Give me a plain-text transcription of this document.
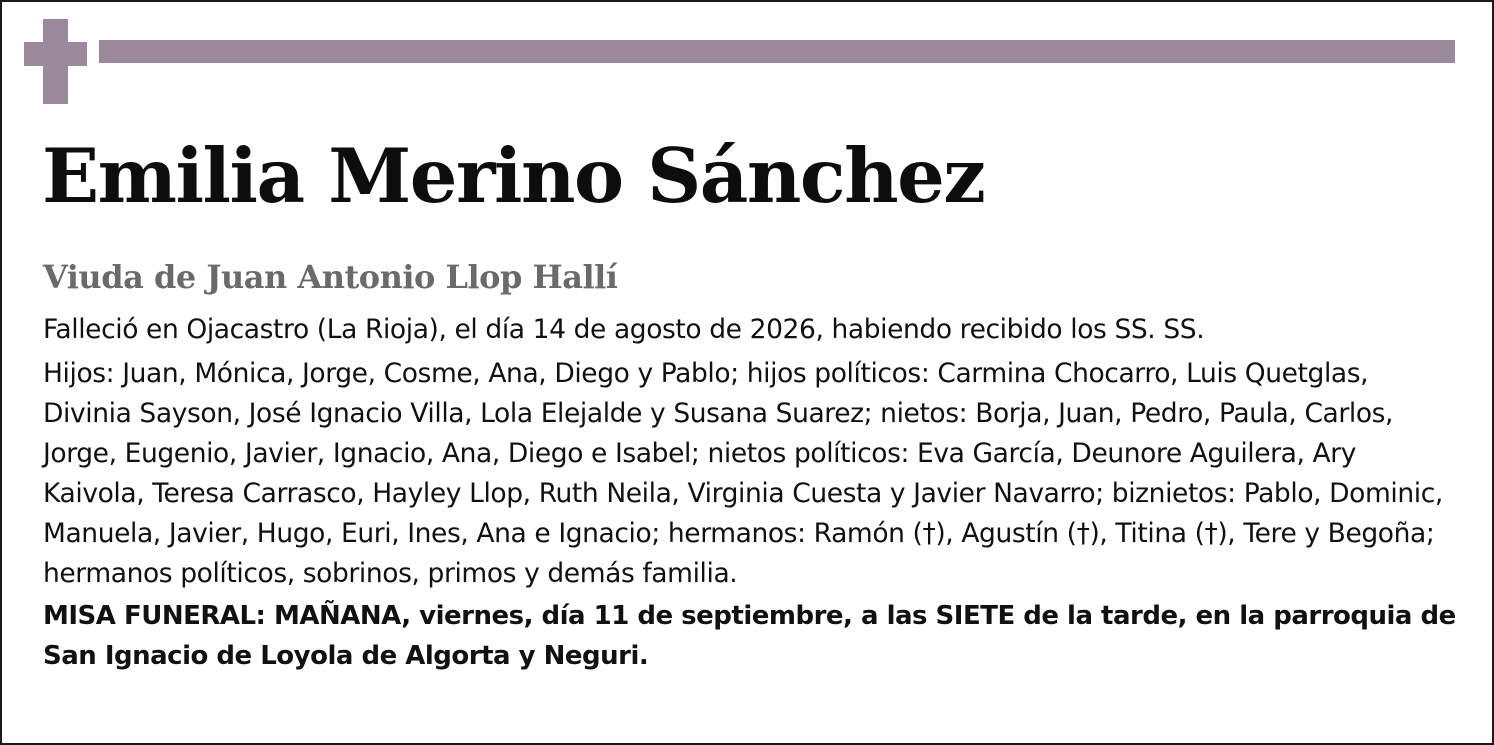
Emilia Merino Sánchez
Viuda de Juan Antonio Llop Hallí

Falleció en Ojacastro (La Rioja), el día 14 de agosto de 2026, habiendo recibido los SS. SS.

Hijos: Juan, Mónica, Jorge, Cosme, Ana, Diego y Pablo; hijos políticos: Carmina Chocarro, Luis Quetglas, Divinia Sayson, José Ignacio Villa, Lola Elejalde y Susana Suarez; nietos: Borja, Juan, Pedro, Paula, Carlos, Jorge, Eugenio, Javier, Ignacio, Ana, Diego e Isabel; nietos políticos: Eva García, Deunore Aguilera, Ary Kaivola, Teresa Carrasco, Hayley Llop, Ruth Neila, Virginia Cuesta y Javier Navarro; biznietos: Pablo, Dominic, Manuela, Javier, Hugo, Euri, Ines, Ana e Ignacio; hermanos: Ramón (†), Agustín (†), Titina (†), Tere y Begoña; hermanos políticos, sobrinos, primos y demás familia.

MISA FUNERAL: MAÑANA, viernes, día 11 de septiembre, a las SIETE de la tarde, en la parroquia de San Ignacio de Loyola de Algorta y Neguri.
